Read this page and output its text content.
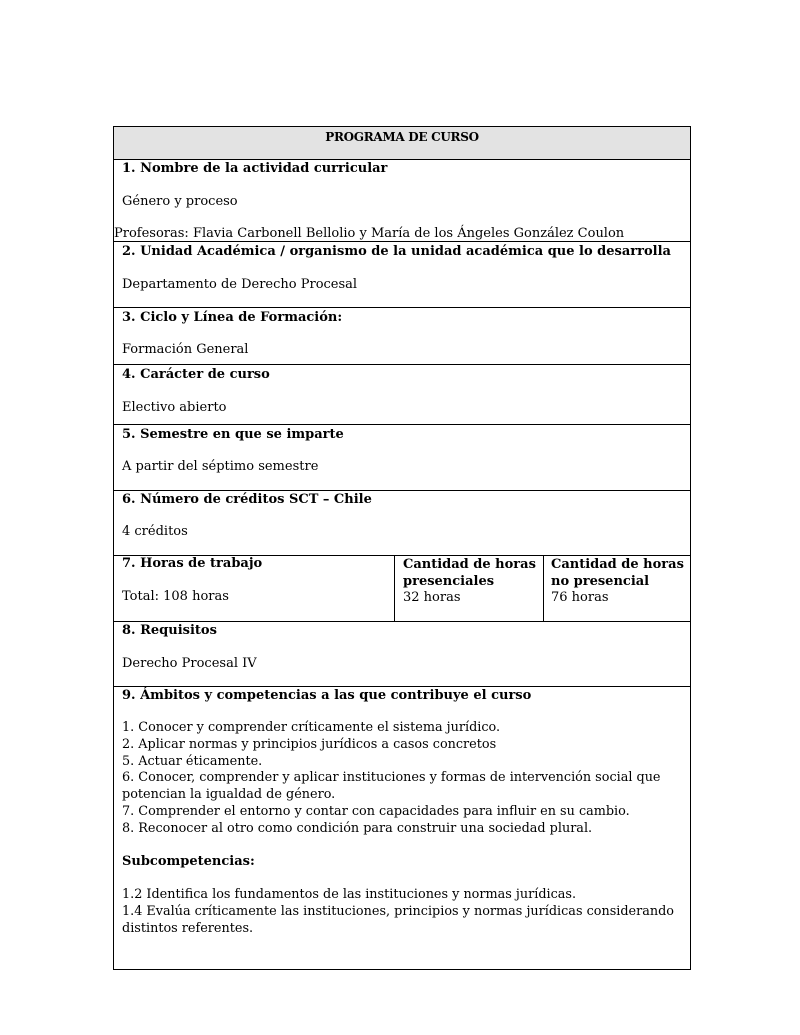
PROGRAMA DE CURSO
1. Nombre de la actividad curricular
Género y proceso
Profesoras: Flavia Carbonell Bellolio y María de los Ángeles González Coulon
2. Unidad Académica / organismo de la unidad académica que lo desarrolla
Departamento de Derecho Procesal
3. Ciclo y Línea de Formación:
Formación General
4. Carácter de curso
Electivo abierto
5. Semestre en que se imparte
A partir del séptimo semestre
6. Número de créditos SCT – Chile
4 créditos
7. Horas de trabajo
Total: 108 horas
Cantidad de horas
presenciales
32 horas
Cantidad de horas
no presencial
76 horas
8. Requisitos
Derecho Procesal IV
9. Ámbitos y competencias a las que contribuye el curso
1. Conocer y comprender críticamente el sistema jurídico.
2. Aplicar normas y principios jurídicos a casos concretos
5. Actuar éticamente.
6. Conocer, comprender y aplicar instituciones y formas de intervención social que potencian la igualdad de género.
7. Comprender el entorno y contar con capacidades para influir en su cambio.
8. Reconocer al otro como condición para construir una sociedad plural.
Subcompetencias:
1.2 Identifica los fundamentos de las instituciones y normas jurídicas.
1.4 Evalúa críticamente las instituciones, principios y normas jurídicas considerando distintos referentes.
